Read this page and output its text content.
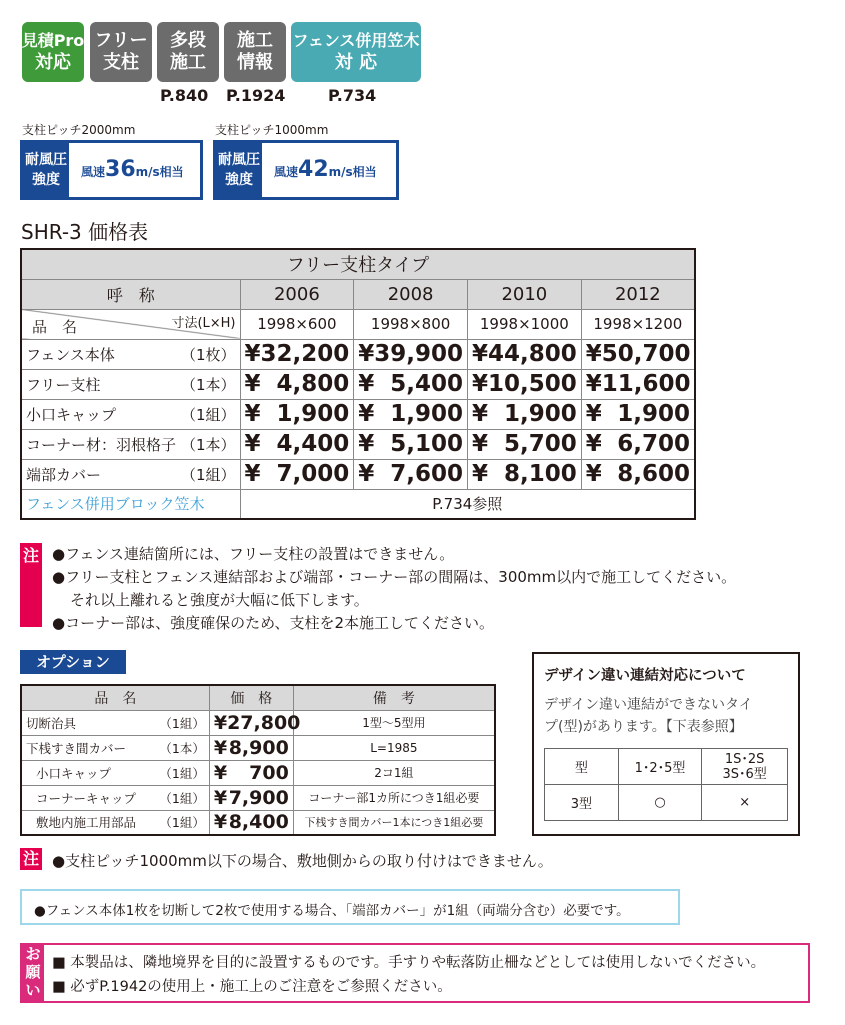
見積Pro
対応
フリー
支柱
多段
施工
施工
情報
フェンス併用笠木
対 応
P.840 P.1924	P.734
支柱ピッチ2000mm
耐風圧
強度 風速36m/s相当
支柱ピッチ1000mm
耐風圧
強度 風速42m/s相当
SHR-3 価格表
フリー支柱タイプ				
呼　称	2006	2008	2010	2012

寸法(L×H)
品　名	1998×600	1998×800	1998×1000	1998×1200
フェンス本体 （1枚）	¥ 32,200	¥ 39,900	¥ 44,800	¥ 50,700
フリー支柱 （1本）	¥ 4,800	¥ 5,400	¥ 10,500	¥ 11,600
小口キャップ （1組）	¥ 1,900	¥ 1,900	¥ 1,900	¥ 1,900
コーナー材：羽根格子 （1本）	¥ 4,400	¥ 5,100	¥ 5,700	¥ 6,700
端部カバー （1組）	¥ 7,000	¥ 7,600	¥ 8,100	¥ 8,600
フェンス併用ブロック笠木	P.734参照			
注 ●フェンス連結箇所には、フリー支柱の設置はできません。
●フリー支柱とフェンス連結部および端部・コーナー部の間隔は、300mm以内で施工してください。
それ以上離れると強度が大幅に低下します。
●コーナー部は、強度確保のため、支柱を2本施工してください。
オプション
品　名	価　格	備　考
切断治具 （1組）	¥ 27,800	1型〜5型用
下桟すき間カバー （1本）	¥ 8,900	L=1985
小口キャップ （1組）	¥ 700	2コ1組
コーナーキャップ （1組）	¥ 7,900	コーナー部1カ所につき1組必要
敷地内施工用部品 （1組）	¥ 8,400	下桟すき間カバー1本につき1組必要
デザイン違い連結対応について
デザイン違い連結ができないタイ
プ(型)があります。【下表参照】
型	1･2･5型	1S･2S
3S･6型

3型	○	×
注 ●支柱ピッチ1000mm以下の場合、敷地側からの取り付けはできません。
●フェンス本体1枚を切断して2枚で使用する場合、「端部カバー」が1組（両端分含む）必要です。
お
願
い
■ 本製品は、隣地境界を目的に設置するものです。手すりや転落防止柵などとしては使用しないでください。
■ 必ずP.1942の使用上・施工上のご注意をご参照ください。
